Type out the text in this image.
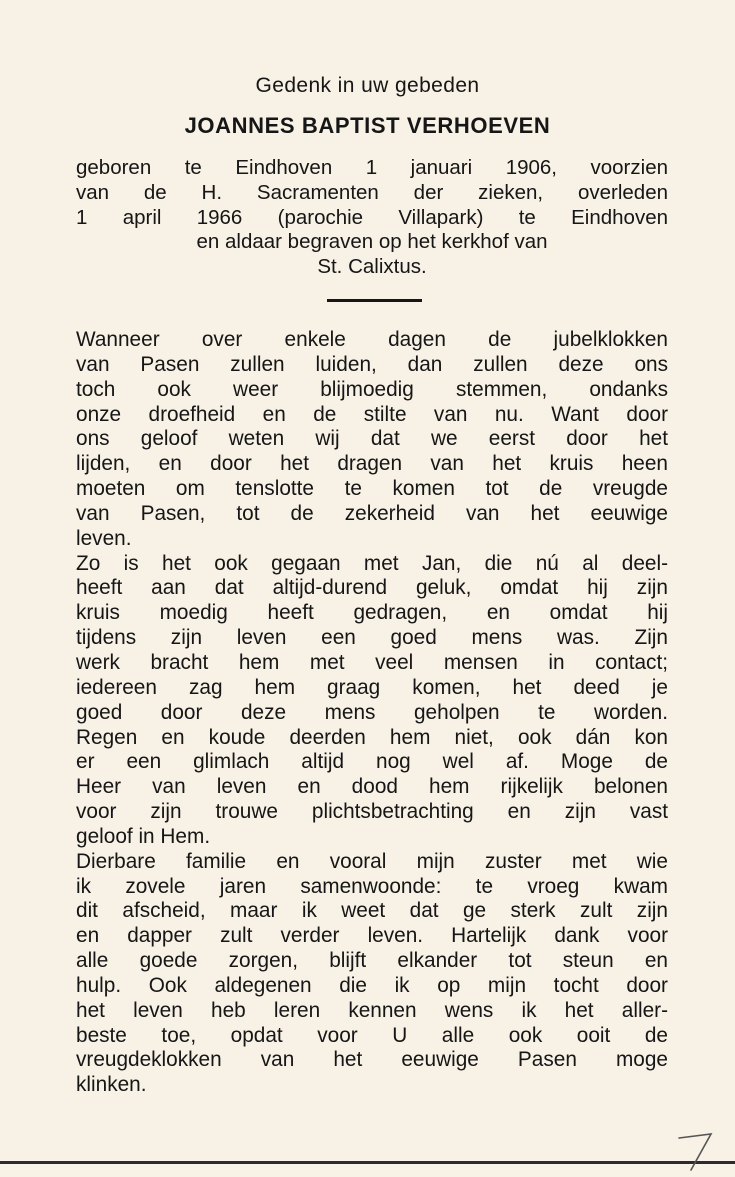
Gedenk in uw gebeden
JOANNES BAPTIST VERHOEVEN
geboren te Eindhoven 1 januari 1906, voorzien
van de H. Sacramenten der zieken, overleden
1 april 1966 (parochie Villapark) te Eindhoven
en aldaar begraven op het kerkhof van
St. Calixtus.
Wanneer over enkele dagen de jubelklokken
van Pasen zullen luiden, dan zullen deze ons
toch ook weer blijmoedig stemmen, ondanks
onze droefheid en de stilte van nu. Want door
ons geloof weten wij dat we eerst door het
lijden, en door het dragen van het kruis heen
moeten om tenslotte te komen tot de vreugde
van Pasen, tot de zekerheid van het eeuwige
leven.
Zo is het ook gegaan met Jan, die nú al deel-
heeft aan dat altijd-durend geluk, omdat hij zijn
kruis moedig heeft gedragen, en omdat hij
tijdens zijn leven een goed mens was. Zijn
werk bracht hem met veel mensen in contact;
iedereen zag hem graag komen, het deed je
goed door deze mens geholpen te worden.
Regen en koude deerden hem niet, ook dán kon
er een glimlach altijd nog wel af. Moge de
Heer van leven en dood hem rijkelijk belonen
voor zijn trouwe plichtsbetrachting en zijn vast
geloof in Hem.
Dierbare familie en vooral mijn zuster met wie
ik zovele jaren samenwoonde: te vroeg kwam
dit afscheid, maar ik weet dat ge sterk zult zijn
en dapper zult verder leven. Hartelijk dank voor
alle goede zorgen, blijft elkander tot steun en
hulp. Ook aldegenen die ik op mijn tocht door
het leven heb leren kennen wens ik het aller-
beste toe, opdat voor U alle ook ooit de
vreugdeklokken van het eeuwige Pasen moge
klinken.
